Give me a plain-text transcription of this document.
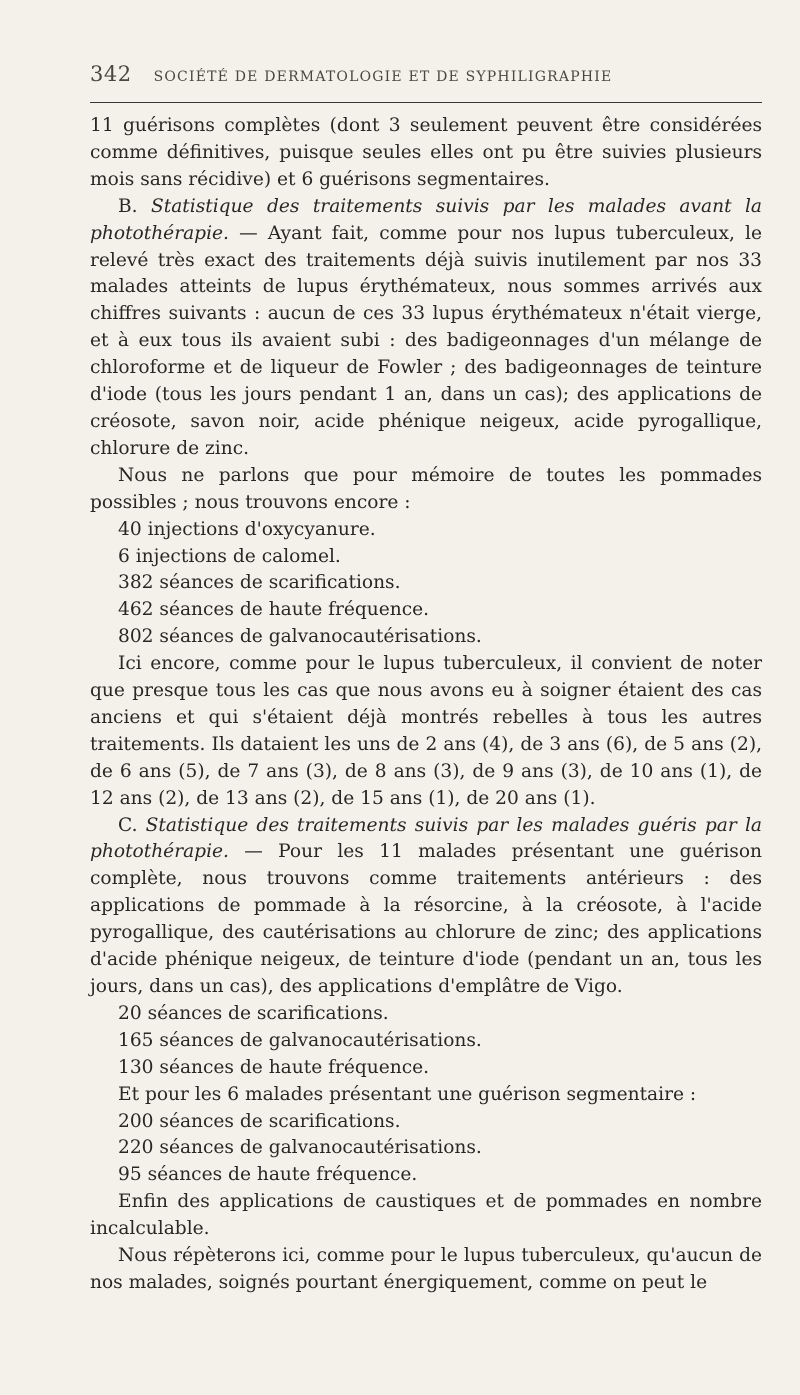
342 SOCIÉTÉ DE DERMATOLOGIE ET DE SYPHILIGRAPHIE

11 guérisons complètes (dont 3 seulement peuvent être considérées comme définitives, puisque seules elles ont pu être suivies plusieurs mois sans récidive) et 6 guérisons segmentaires.

B. Statistique des traitements suivis par les malades avant la photothérapie. — Ayant fait, comme pour nos lupus tuberculeux, le relevé très exact des traitements déjà suivis inutilement par nos 33 malades atteints de lupus érythémateux, nous sommes arrivés aux chiffres suivants : aucun de ces 33 lupus érythémateux n'était vierge, et à eux tous ils avaient subi : des badigeonnages d'un mélange de chloroforme et de liqueur de Fowler ; des badigeonnages de teinture d'iode (tous les jours pendant 1 an, dans un cas); des applications de créosote, savon noir, acide phénique neigeux, acide pyrogallique, chlorure de zinc.

Nous ne parlons que pour mémoire de toutes les pommades possibles ; nous trouvons encore :

40 injections d'oxycyanure.

6 injections de calomel.

382 séances de scarifications.

462 séances de haute fréquence.

802 séances de galvanocautérisations.

Ici encore, comme pour le lupus tuberculeux, il convient de noter que presque tous les cas que nous avons eu à soigner étaient des cas anciens et qui s'étaient déjà montrés rebelles à tous les autres traitements. Ils dataient les uns de 2 ans (4), de 3 ans (6), de 5 ans (2), de 6 ans (5), de 7 ans (3), de 8 ans (3), de 9 ans (3), de 10 ans (1), de 12 ans (2), de 13 ans (2), de 15 ans (1), de 20 ans (1).

C. Statistique des traitements suivis par les malades guéris par la photothérapie. — Pour les 11 malades présentant une guérison complète, nous trouvons comme traitements antérieurs : des applications de pommade à la résorcine, à la créosote, à l'acide pyrogallique, des cautérisations au chlorure de zinc; des applications d'acide phénique neigeux, de teinture d'iode (pendant un an, tous les jours, dans un cas), des applications d'emplâtre de Vigo.

20 séances de scarifications.

165 séances de galvanocautérisations.

130 séances de haute fréquence.

Et pour les 6 malades présentant une guérison segmentaire :

200 séances de scarifications.

220 séances de galvanocautérisations.

95 séances de haute fréquence.

Enfin des applications de caustiques et de pommades en nombre incalculable.

Nous répèterons ici, comme pour le lupus tuberculeux, qu'aucun de nos malades, soignés pourtant énergiquement, comme on peut le
